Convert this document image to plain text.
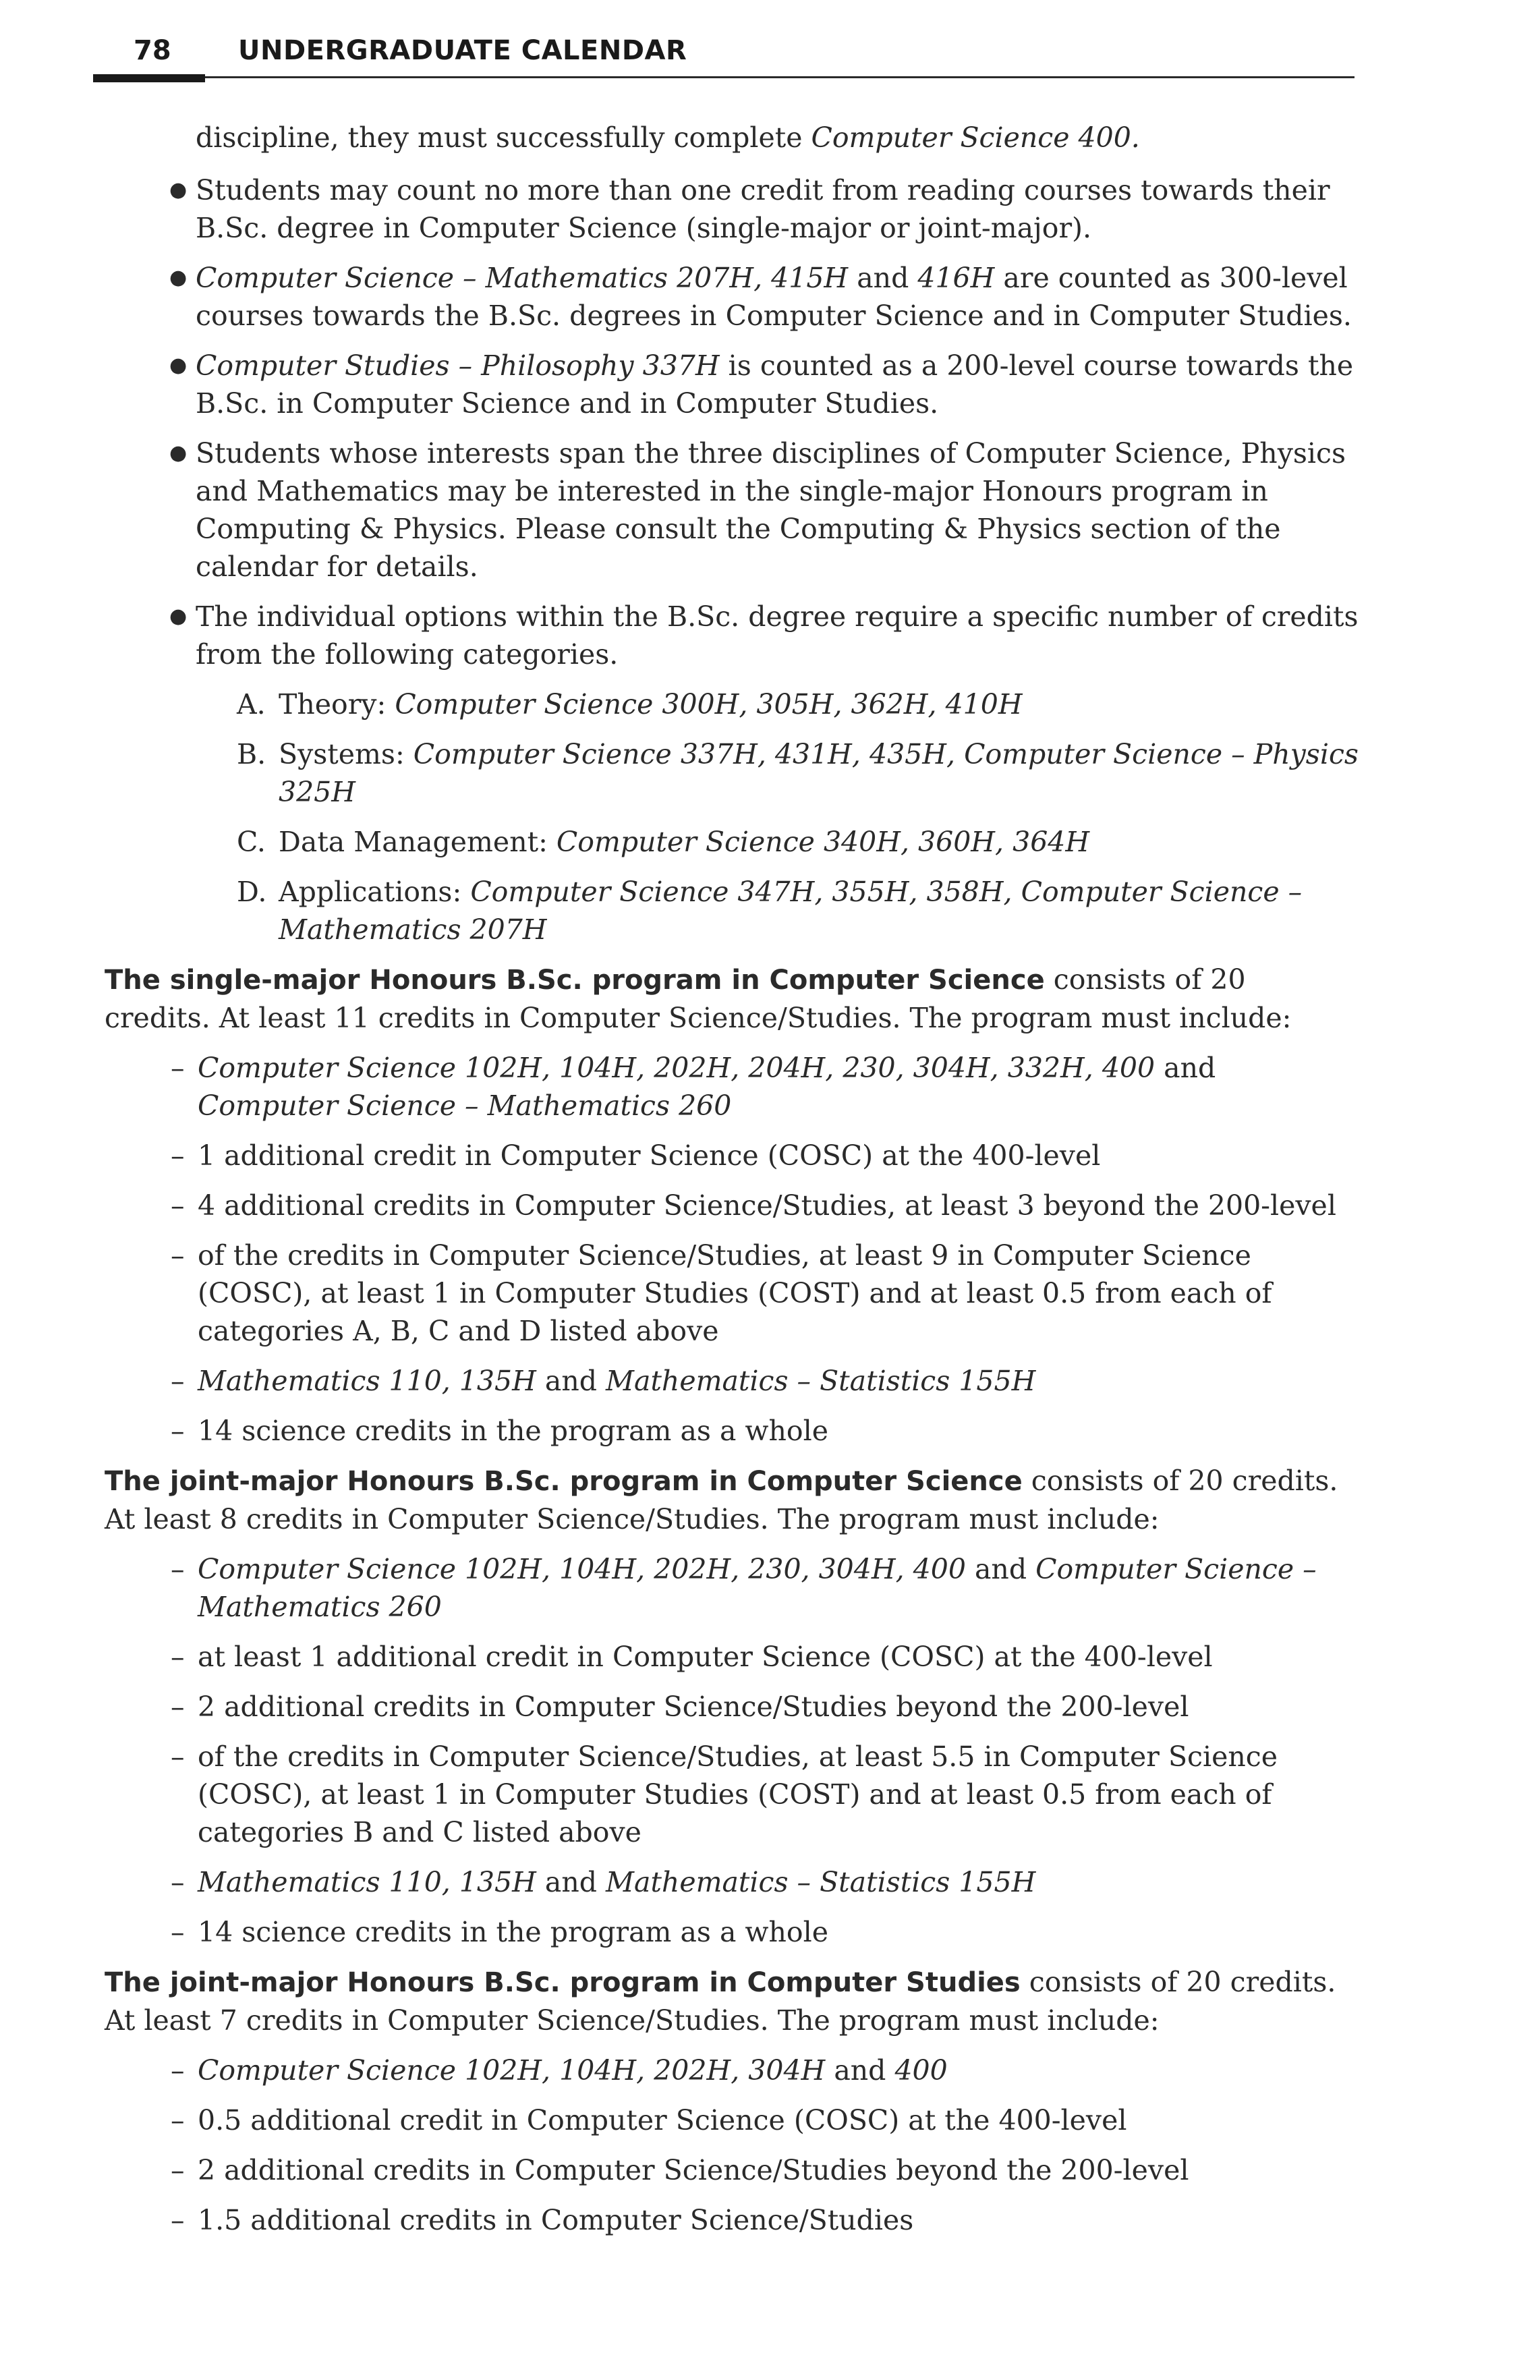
78 UNDERGRADUATE CALENDAR

discipline, they must successfully complete Computer Science 400.

● Students may count no more than one credit from reading courses towards their B.Sc. degree in Computer Science (single-major or joint-major).
● Computer Science – Mathematics 207H, 415H and 416H are counted as 300-level courses towards the B.Sc. degrees in Computer Science and in Computer Studies.
● Computer Studies – Philosophy 337H is counted as a 200-level course towards the B.Sc. in Computer Science and in Computer Studies.
● Students whose interests span the three disciplines of Computer Science, Physics and Mathematics may be interested in the single-major Honours program in Computing & Physics. Please consult the Computing & Physics section of the calendar for details.
● The individual options within the B.Sc. degree require a specific number of credits from the following categories.
A. Theory: Computer Science 300H, 305H, 362H, 410H
B. Systems: Computer Science 337H, 431H, 435H, Computer Science – Physics 325H
C. Data Management: Computer Science 340H, 360H, 364H
D. Applications: Computer Science 347H, 355H, 358H, Computer Science – Mathematics 207H

The single-major Honours B.Sc. program in Computer Science consists of 20 credits. At least 11 credits in Computer Science/Studies. The program must include:

– Computer Science 102H, 104H, 202H, 204H, 230, 304H, 332H, 400 and Computer Science – Mathematics 260
– 1 additional credit in Computer Science (COSC) at the 400-level
– 4 additional credits in Computer Science/Studies, at least 3 beyond the 200-level
– of the credits in Computer Science/Studies, at least 9 in Computer Science (COSC), at least 1 in Computer Studies (COST) and at least 0.5 from each of categories A, B, C and D listed above
– Mathematics 110, 135H and Mathematics – Statistics 155H
– 14 science credits in the program as a whole

The joint-major Honours B.Sc. program in Computer Science consists of 20 credits. At least 8 credits in Computer Science/Studies. The program must include:

– Computer Science 102H, 104H, 202H, 230, 304H, 400 and Computer Science – Mathematics 260
– at least 1 additional credit in Computer Science (COSC) at the 400-level
– 2 additional credits in Computer Science/Studies beyond the 200-level
– of the credits in Computer Science/Studies, at least 5.5 in Computer Science (COSC), at least 1 in Computer Studies (COST) and at least 0.5 from each of categories B and C listed above
– Mathematics 110, 135H and Mathematics – Statistics 155H
– 14 science credits in the program as a whole

The joint-major Honours B.Sc. program in Computer Studies consists of 20 credits. At least 7 credits in Computer Science/Studies. The program must include:

– Computer Science 102H, 104H, 202H, 304H and 400
– 0.5 additional credit in Computer Science (COSC) at the 400-level
– 2 additional credits in Computer Science/Studies beyond the 200-level
– 1.5 additional credits in Computer Science/Studies
